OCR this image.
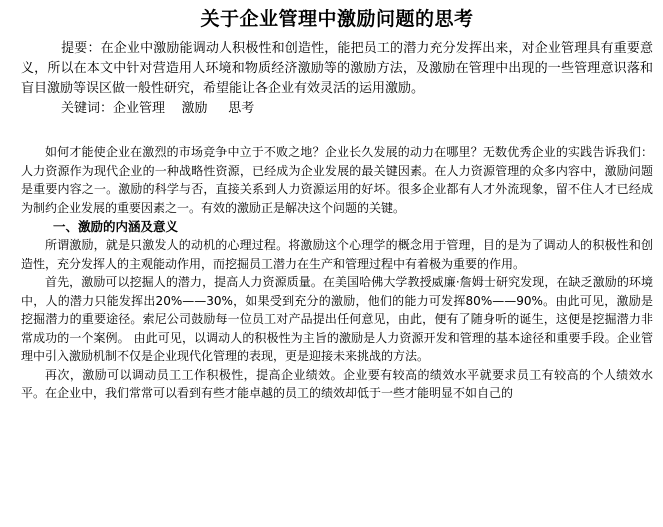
关于企业管理中激励问题的思考

提要：在企业中激励能调动人积极性和创造性，能把员工的潜力充分发挥出来，对企业管理具有重要意义，所以在本文中针对营造用人环境和物质经济激励等的激励方法，及激励在管理中出现的一些管理意识落和盲目激励等误区做一般性研究，希望能让各企业有效灵活的运用激励。

关键词：企业管理    激励     思考

如何才能使企业在激烈的市场竞争中立于不败之地？企业长久发展的动力在哪里？无数优秀企业的实践告诉我们：人力资源作为现代企业的一种战略性资源，已经成为企业发展的最关键因素。在人力资源管理的众多内容中，激励问题是重要内容之一。激励的科学与否，直接关系到人力资源运用的好坏。很多企业都有人才外流现象，留不住人才已经成为制约企业发展的重要因素之一。有效的激励正是解决这个问题的关键。

一、激励的内涵及意义

所谓激励，就是只激发人的动机的心理过程。将激励这个心理学的概念用于管理，目的是为了调动人的积极性和创造性，充分发挥人的主观能动作用，而挖掘员工潜力在生产和管理过程中有着极为重要的作用。

首先，激励可以挖掘人的潜力，提高人力资源质量。在美国哈佛大学教授威廉·詹姆士研究发现，在缺乏激励的环境中，人的潜力只能发挥出20%——30%，如果受到充分的激励，他们的能力可发挥80%——90%。由此可见，激励是挖掘潜力的重要途径。索尼公司鼓励每一位员工对产品提出任何意见，由此，便有了随身听的诞生，这便是挖掘潜力非常成功的一个案例。 由此可见，以调动人的积极性为主旨的激励是人力资源开发和管理的基本途径和重要手段。企业管理中引入激励机制不仅是企业现代化管理的表现，更是迎接未来挑战的方法。

再次，激励可以调动员工工作积极性，提高企业绩效。企业要有较高的绩效水平就要求员工有较高的个人绩效水平。在企业中，我们常常可以看到有些才能卓越的员工的绩效却低于一些才能明显不如自己的
